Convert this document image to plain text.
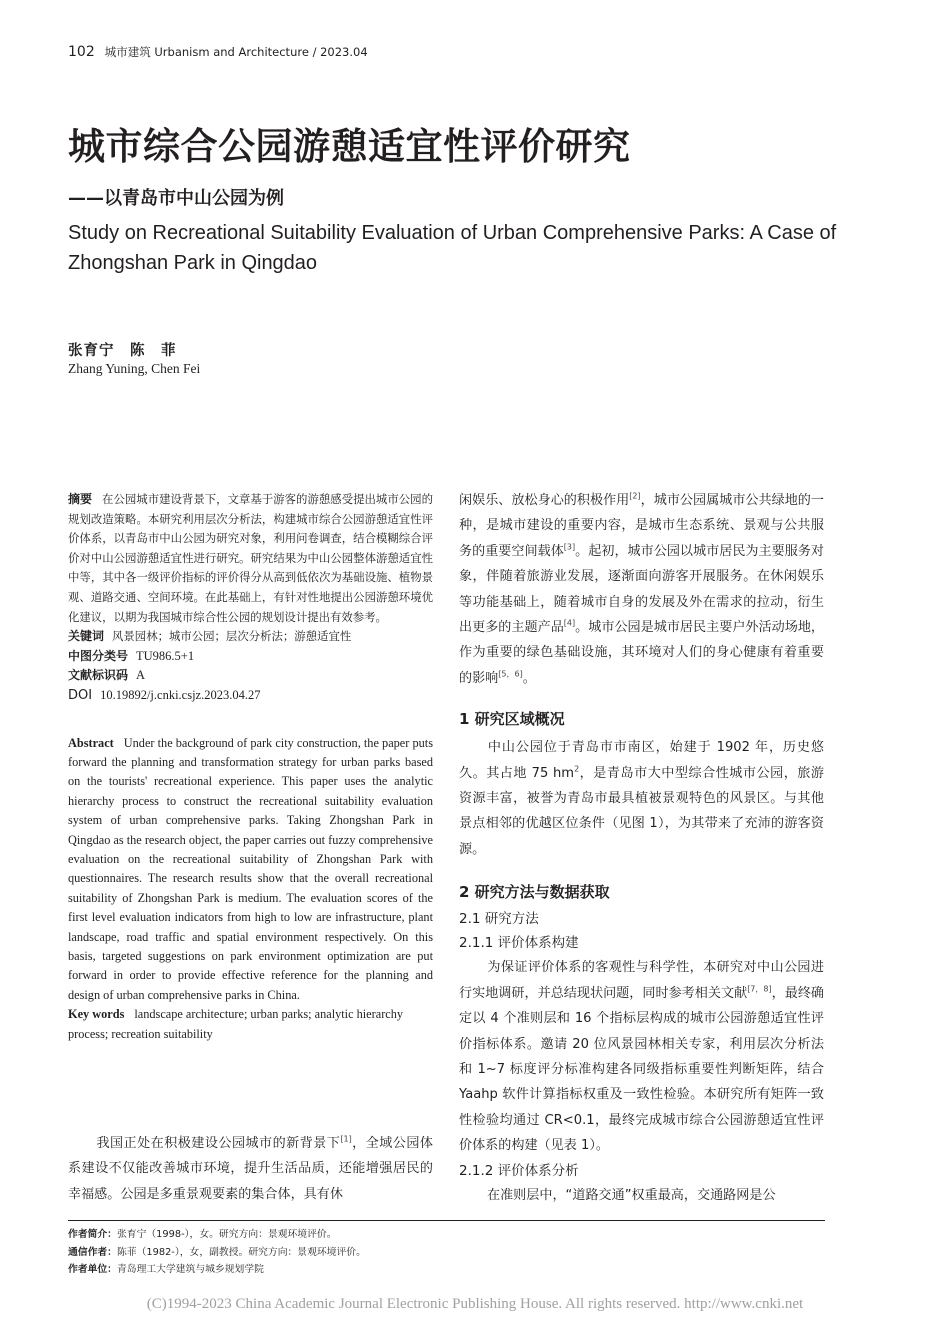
102 城市建筑 Urbanism and Architecture / 2023.04
城市综合公园游憩适宜性评价研究
——以青岛市中山公园为例
Study on Recreational Suitability Evaluation of Urban Comprehensive Parks: A Case of Zhongshan Park in Qingdao
张育宁　陈　菲
Zhang Yuning, Chen Fei
摘要 在公园城市建设背景下，文章基于游客的游憩感受提出城市公园的规划改造策略。本研究利用层次分析法，构建城市综合公园游憩适宜性评价体系，以青岛市中山公园为研究对象，利用问卷调查，结合模糊综合评价对中山公园游憩适宜性进行研究。研究结果为中山公园整体游憩适宜性中等，其中各一级评价指标的评价得分从高到低依次为基础设施、植物景观、道路交通、空间环境。在此基础上，有针对性地提出公园游憩环境优化建议，以期为我国城市综合性公园的规划设计提出有效参考。
关键词 风景园林；城市公园；层次分析法；游憩适宜性
中图分类号 TU986.5+1
文献标识码 A
DOI 10.19892/j.cnki.csjz.2023.04.27
Abstract Under the background of park city construction, the paper puts forward the planning and transformation strategy for urban parks based on the tourists' recreational experience. This paper uses the analytic hierarchy process to construct the recreational suitability evaluation system of urban comprehensive parks. Taking Zhongshan Park in Qingdao as the research object, the paper carries out fuzzy comprehensive evaluation on the recreational suitability of Zhongshan Park with questionnaires. The research results show that the overall recreational suitability of Zhongshan Park is medium. The evaluation scores of the first level evaluation indicators from high to low are infrastructure, plant landscape, road traffic and spatial environment respectively. On this basis, targeted suggestions on park environment optimization are put forward in order to provide effective reference for the planning and design of urban comprehensive parks in China.
Key words landscape architecture; urban parks; analytic hierarchy process; recreation suitability
我国正处在积极建设公园城市的新背景下[1]，全域公园体系建设不仅能改善城市环境，提升生活品质，还能增强居民的幸福感。公园是多重景观要素的集合体，具有休
闲娱乐、放松身心的积极作用[2]，城市公园属城市公共绿地的一种，是城市建设的重要内容，是城市生态系统、景观与公共服务的重要空间载体[3]。起初，城市公园以城市居民为主要服务对象，伴随着旅游业发展，逐渐面向游客开展服务。在休闲娱乐等功能基础上，随着城市自身的发展及外在需求的拉动，衍生出更多的主题产品[4]。城市公园是城市居民主要户外活动场地，作为重要的绿色基础设施，其环境对人们的身心健康有着重要的影响[5，6]。
1 研究区域概况
中山公园位于青岛市市南区，始建于 1902 年，历史悠久。其占地 75 $hm^2$，是青岛市大中型综合性城市公园，旅游资源丰富，被誉为青岛市最具植被景观特色的风景区。与其他景点相邻的优越区位条件（见图 1），为其带来了充沛的游客资源。
2 研究方法与数据获取
2.1 研究方法
2.1.1 评价体系构建
为保证评价体系的客观性与科学性，本研究对中山公园进行实地调研，并总结现状问题，同时参考相关文献[7，8]，最终确定以 4 个准则层和 16 个指标层构成的城市公园游憩适宜性评价指标体系。邀请 20 位风景园林相关专家，利用层次分析法和 1~7 标度评分标准构建各同级指标重要性判断矩阵，结合 Yaahp 软件计算指标权重及一致性检验。本研究所有矩阵一致性检验均通过 CR<0.1，最终完成城市综合公园游憩适宜性评价体系的构建（见表 1）。
2.1.2 评价体系分析
在准则层中，“道路交通”权重最高，交通路网是公
作者简介：张育宁（1998-），女。研究方向：景观环境评价。
通信作者：陈菲（1982-），女，副教授。研究方向：景观环境评价。
作者单位：青岛理工大学建筑与城乡规划学院
(C)1994-2023 China Academic Journal Electronic Publishing House. All rights reserved. http://www.cnki.net
